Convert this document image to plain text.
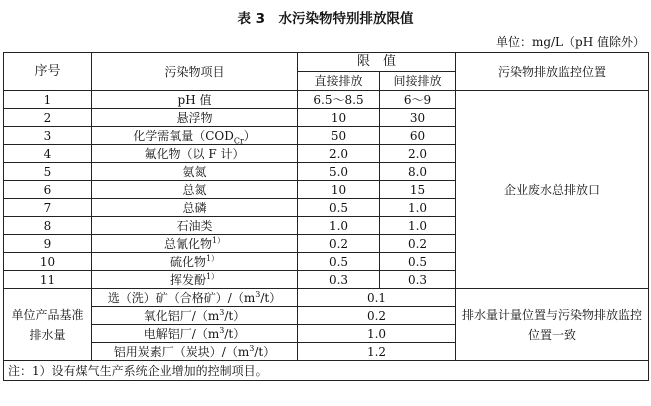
表 3　水污染物特别排放限值
单位：mg/L（pH 值除外）
序号	污染物项目	限　值		污染物排放监控位置
		直接排放	间接排放	
1	pH 值	6.5～8.5	6～9	企业废水总排放口
2	悬浮物	10	30	
3	化学需氧量$(COD_{Cr})$	50	60	
4	氟化物（以 F 计）	2.0	2.0	
5	氨氮	5.0	8.0	
6	总氮	10	15	
7	总磷	0.5	1.0	
8	石油类	1.0	1.0	
9	总氰化物$^{1)}$	0.2	0.2	
10	硫化物$^{1)}$	0.5	0.5	
11	挥发酚$^{1)}$	0.3	0.3	
单位产品基准排水量	选（洗）矿（合格矿）$/(m^3/t)$	0.1		排水量计量位置与污染物排放监控位置一致
	氧化铝厂$/(m^3/t)$	0.2		
	电解铝厂$/(m^3/t)$	1.0		
	铝用炭素厂（炭块）$/(m^3/t)$	1.2		
注：1）设有煤气生产系统企业增加的控制项目。				
